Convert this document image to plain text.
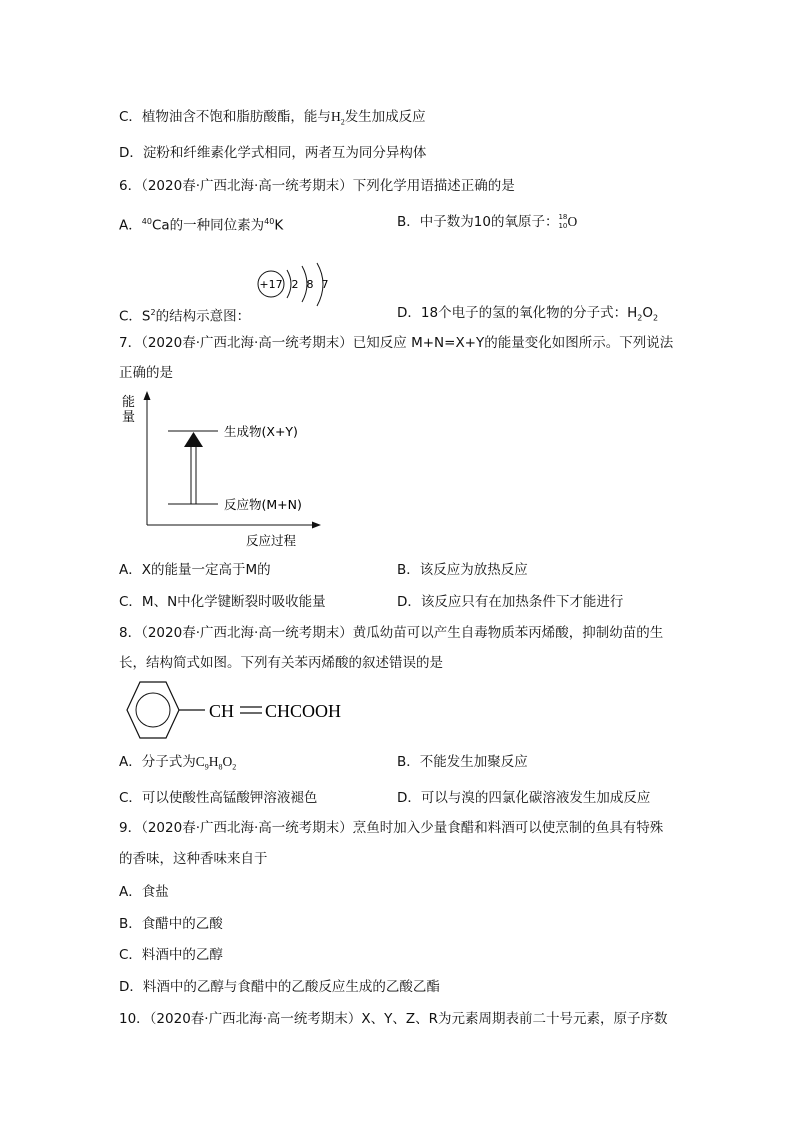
C．植物油含不饱和脂肪酸酯，能与$H_2$发生加成反应
D．淀粉和纤维素化学式相同，两者互为同分异构体
6．（2020春·广西北海·高一统考期末）下列化学用语描述正确的是
A．$^{40}$Ca的一种同位素为$^{40}$K	B．中子数为10的氧原子： 18
10 O
+17 2 8 7
C．$S^2$的结构示意图：	D．18个电子的氢的氧化物的分子式：$H_2O_2$
7．（2020春·广西北海·高一统考期末）已知反应 M+N=X+Y的能量变化如图所示。下列说法
正确的是
能
量
生成物(X+Y)
反应物(M+N)
反应过程
A．X的能量一定高于M的	B．该反应为放热反应
C．M、N中化学键断裂时吸收能量	D．该反应只有在加热条件下才能进行
8．（2020春·广西北海·高一统考期末）黄瓜幼苗可以产生自毒物质苯丙烯酸，抑制幼苗的生
长，结构简式如图。下列有关苯丙烯酸的叙述错误的是
CH CHCOOH
A．分子式为$C_9H_8O_2$	B．不能发生加聚反应
C．可以使酸性高锰酸钾溶液褪色	D．可以与溴的四氯化碳溶液发生加成反应
9．（2020春·广西北海·高一统考期末）烹鱼时加入少量食醋和料酒可以使烹制的鱼具有特殊
的香味，这种香味来自于
A．食盐
B．食醋中的乙酸
C．料酒中的乙醇
D．料酒中的乙醇与食醋中的乙酸反应生成的乙酸乙酯
10．（2020春·广西北海·高一统考期末）X、Y、Z、R为元素周期表前二十号元素，原子序数
